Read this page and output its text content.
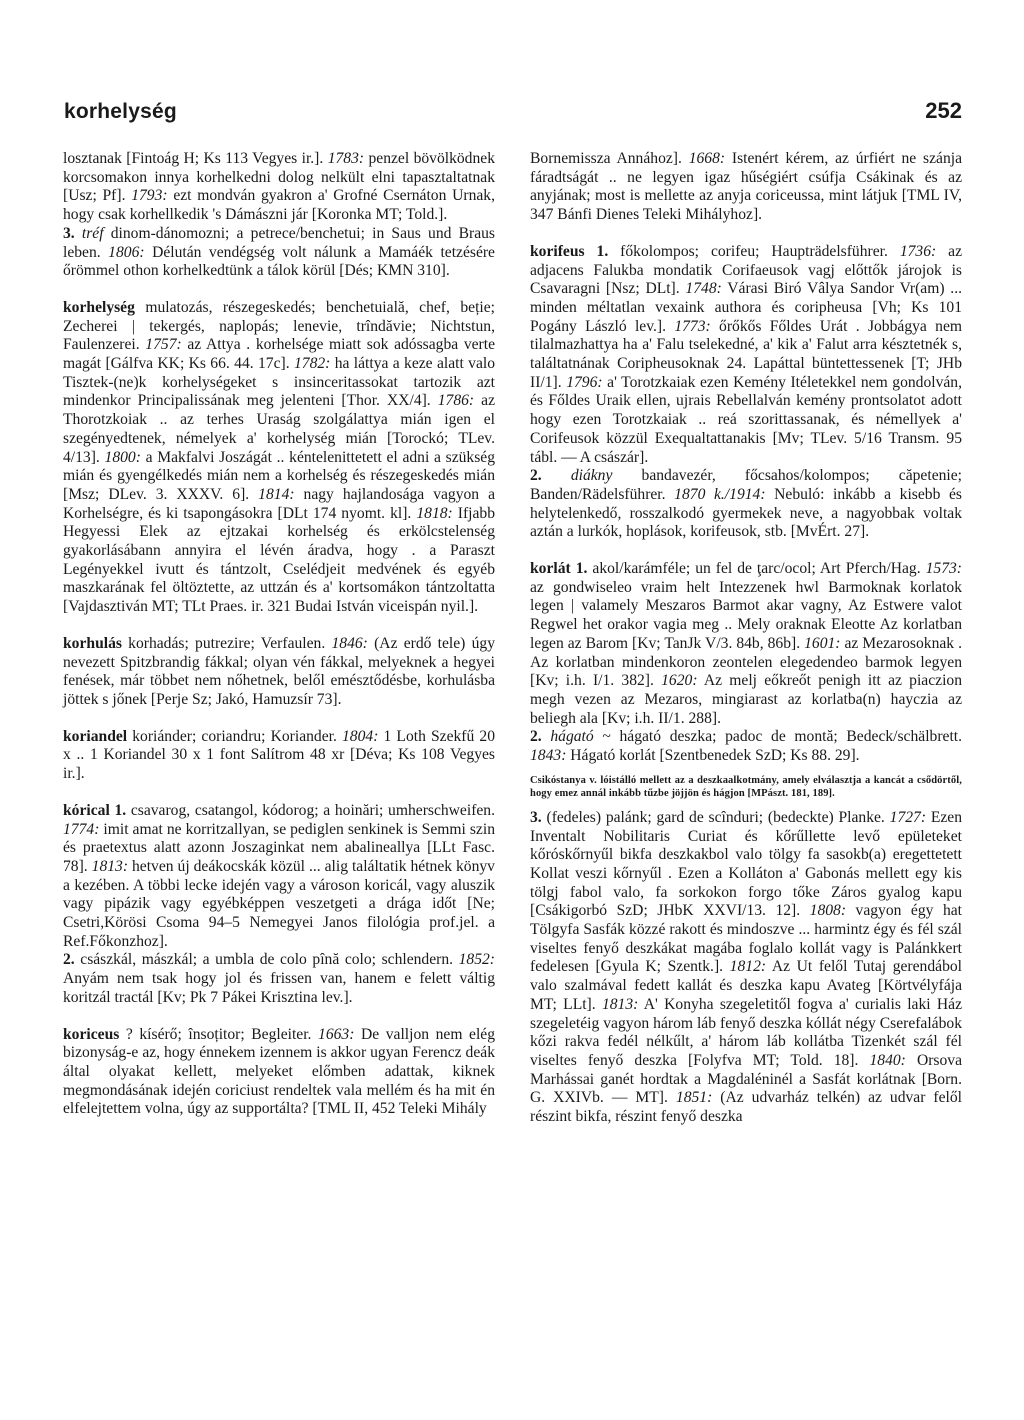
korhelység	252

losztanak [Fintoág H; Ks 113 Vegyes ir.]. 1783: penzel bövölködnek korcsomakon innya korhelkedni dolog nelkült elni tapasztaltatnak [Usz; Pf]. 1793: ezt mondván gyakron a' Grofné Csernáton Urnak, hogy csak korhellkedik 's Dámászni jár [Koronka MT; Told.].

3. tréf dinom-dánomozni; a petrece/benchetui; in Saus und Braus leben. 1806: Délután vendégség volt nálunk a Mamáék tetzésére őrömmel othon korhelkedtünk a tálok körül [Dés; KMN 310].

korhelység mulatozás, részegeskedés; benchetuială, chef, beție; Zecherei | tekergés, naplopás; lenevie, trîndăvie; Nichtstun, Faulenzerei. 1757: az Attya . korhelsége miatt sok adóssagba verte magát [Gálfva KK; Ks 66. 44. 17c]. 1782: ha láttya a keze alatt valo Tisztek-(ne)k korhelységeket s insinceritassokat tartozik azt mindenkor Principalissának meg jelenteni [Thor. XX/4]. 1786: az Thorotzkoiak .. az terhes Uraság szolgálattya mián igen el szegényedtenek, némelyek a' korhelység mián [Torockó; TLev. 4/13]. 1800: a Makfalvi Joszágát .. kéntelenittetett el adni a szükség mián és gyengélkedés mián nem a korhelség és részegeskedés mián [Msz; DLev. 3. XXXV. 6]. 1814: nagy hajlandosága vagyon a Korhelségre, és ki tsapongásokra [DLt 174 nyomt. kl]. 1818: Ifjabb Hegyessi Elek az ejtzakai korhelség és erkölcstelenség gyakorlásábann annyira el lévén áradva, hogy . a Paraszt Legényekkel ivutt és tántzolt, Cselédjeit medvének és egyéb maszkarának fel öltöztette, az uttzán és a' kortsomákon tántzoltatta [Vajdasztiván MT; TLt Praes. ir. 321 Budai István viceispán nyil.].

korhulás korhadás; putrezire; Verfaulen. 1846: (Az erdő tele) úgy nevezett Spitzbrandig fákkal; olyan vén fákkal, melyeknek a hegyei fenések, már többet nem nőhetnek, belől emésztődésbe, korhulásba jöttek s jőnek [Perje Sz; Jakó, Hamuzsír 73].

koriandel koriánder; coriandru; Koriander. 1804: 1 Loth Szekfű 20 x .. 1 Koriandel 30 x 1 font Salítrom 48 xr [Déva; Ks 108 Vegyes ir.].

kórical 1. csavarog, csatangol, kódorog; a hoinări; umherschweifen. 1774: imit amat ne korritzallyan, se pediglen senkinek is Semmi szin és praetextus alatt azonn Joszaginkat nem abalineallya [LLt Fasc. 78]. 1813: hetven új deákocskák közül ... alig találtatik hétnek könyv a kezében. A többi lecke idején vagy a városon koricál, vagy aluszik vagy pipázik vagy egyébképpen veszetgeti a drága időt [Ne; Csetri,Körösi Csoma 94–5 Nemegyei Janos filológia prof.jel. a Ref.Főkonzhoz].

2. császkál, mászkál; a umbla de colo pînă colo; schlendern. 1852: Anyám nem tsak hogy jol és frissen van, hanem e felett váltig koritzál tractál [Kv; Pk 7 Pákei Krisztina lev.].

koriceus ? kísérő; însoțitor; Begleiter. 1663: De valljon nem elég bizonyság-e az, hogy énnekem izennem is akkor ugyan Ferencz deák által olyakat kellett, melyeket előmben adattak, kiknek megmondásának idején coriciust rendeltek vala mellém és ha mit én elfelejtettem volna, úgy az supportálta? [TML II, 452 Teleki Mihály

Bornemissza Annához]. 1668: Istenért kérem, az úrfiért ne szánja fáradtságát .. ne legyen igaz hűségiért csúfja Csákinak és az anyjának; most is mellette az anyja coriceussa, mint látjuk [TML IV, 347 Bánfi Dienes Teleki Mihályhoz].

korifeus 1. főkolompos; corifeu; Haupträdelsführer. 1736: az adjacens Falukba mondatik Corifaeusok vagj előttők járojok is Csavaragni [Nsz; DLt]. 1748: Várasi Biró Vâlya Sandor Vr(am) ... minden méltatlan vexaink authora és coripheusa [Vh; Ks 101 Pogány László lev.]. 1773: őrőkős Főldes Urát . Jobbágya nem tilalmazhattya ha a' Falu tselekedné, a' kik a' Falut arra késztetnék s, találtatnának Coripheusoknak 24. Lapáttal büntettessenek [T; JHb II/1]. 1796: a' Torotzkaiak ezen Kemény Itéletekkel nem gondolván, és Főldes Uraik ellen, ujrais Rebellalván kemény prontsolatot adott hogy ezen Torotzkaiak .. reá szorittassanak, és némellyek a' Corifeusok közzül Exequaltattanakis [Mv; TLev. 5/16 Transm. 95 tábl. — A császár].

2. diákny bandavezér, főcsahos/kolompos; căpetenie; Banden/Rädelsführer. 1870 k./1914: Nebuló: inkább a kisebb és helytelenkedő, rosszalkodó gyermekek neve, a nagyobbak voltak aztán a lurkók, hoplások, korifeusok, stb. [MvÉrt. 27].

korlát 1. akol/karámféle; un fel de ţarc/ocol; Art Pferch/Hag. 1573: az gondwiseleo vraim helt Intezzenek hwl Barmoknak korlatok legen | valamely Meszaros Barmot akar vagny, Az Estwere valot Regwel het orakor vagia meg .. Mely oraknak Eleotte Az korlatban legen az Barom [Kv; TanJk V/3. 84b, 86b]. 1601: az Mezarosoknak . Az korlatban mindenkoron zeontelen elegedendeo barmok legyen [Kv; i.h. I/1. 382]. 1620: Az melj eőkreőt penigh itt az piaczion megh vezen az Mezaros, mingiarast az korlatba(n) hayczia az beliegh ala [Kv; i.h. II/1. 288].

2. hágató ~ hágató deszka; padoc de montă; Bedeck/schälbrett. 1843: Hágató korlát [Szentbenedek SzD; Ks 88. 29].

Csikóstanya v. lóistálló mellett az a deszkaalkotmány, amely elválasztja a kancát a csődörtől, hogy emez annál inkább tűzbe jöjjön és hágjon [MPászt. 181, 189].

3. (fedeles) palánk; gard de scînduri; (bedeckte) Planke. 1727: Ezen Inventalt Nobilitaris Curiat és kőrűllette levő epületeket kőróskőrnyűl bikfa deszkakbol valo tölgy fa sasokb(a) eregettetett Kollat veszi kőrnyűl . Ezen a Kolláton a' Gabonás mellett egy kis tölgj fabol valo, fa sorkokon forgo tőke Záros gyalog kapu [Csákigorbó SzD; JHbK XXVI/13. 12]. 1808: vagyon égy hat Tölgyfa Sasfák közzé rakott és mindoszve ... harmintz égy és fél szál viseltes fenyő deszkákat magába foglalo kollát vagy is Palánkkert fedelesen [Gyula K; Szentk.]. 1812: Az Ut felől Tutaj gerendábol valo szalmával fedett kallát és deszka kapu Avateg [Körtvélyfája MT; LLt]. 1813: A' Konyha szegeletitől fogva a' curialis laki Ház szegeletéig vagyon három láb fenyő deszka kóllát négy Cserefalábok kőzi rakva fedél nélkűlt, a' három láb kollátba Tizenkét szál fél viseltes fenyő deszka [Folyfva MT; Told. 18]. 1840: Orsova Marhássai ganét hordtak a Magdaléninél a Sasfát korlátnak [Born. G. XXIVb. — MT]. 1851: (Az udvarház telkén) az udvar felől részint bikfa, részint fenyő deszka
